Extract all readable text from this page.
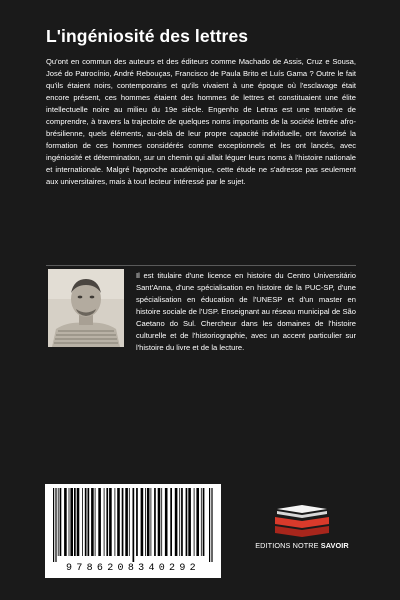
L'ingéniosité des lettres

Qu'ont en commun des auteurs et des éditeurs comme Machado de Assis, Cruz e Sousa, José do Patrocínio, André Rebouças, Francisco de Paula Brito et Luís Gama ? Outre le fait qu'ils étaient noirs, contemporains et qu'ils vivaient à une époque où l'esclavage était encore présent, ces hommes étaient des hommes de lettres et constituaient une élite intellectuelle noire au milieu du 19e siècle. Engenho de Letras est une tentative de comprendre, à travers la trajectoire de quelques noms importants de la société lettrée afro-brésilienne, quels éléments, au-delà de leur propre capacité individuelle, ont favorisé la formation de ces hommes considérés comme exceptionnels et les ont lancés, avec ingéniosité et détermination, sur un chemin qui allait léguer leurs noms à l'histoire nationale et internationale. Malgré l'approche académique, cette étude ne s'adresse pas seulement aux universitaires, mais à tout lecteur intéressé par le sujet.

Il est titulaire d'une licence en histoire du Centro Universitário Sant'Anna, d'une spécialisation en histoire de la PUC-SP, d'une spécialisation en éducation de l'UNESP et d'un master en histoire sociale de l'USP. Enseignant au réseau municipal de São Caetano do Sul. Chercheur dans les domaines de l'histoire culturelle et de l'historiographie, avec un accent particulier sur l'histoire du livre et de la lecture.

9786208340292
EDITIONS NOTRE SAVOIR
